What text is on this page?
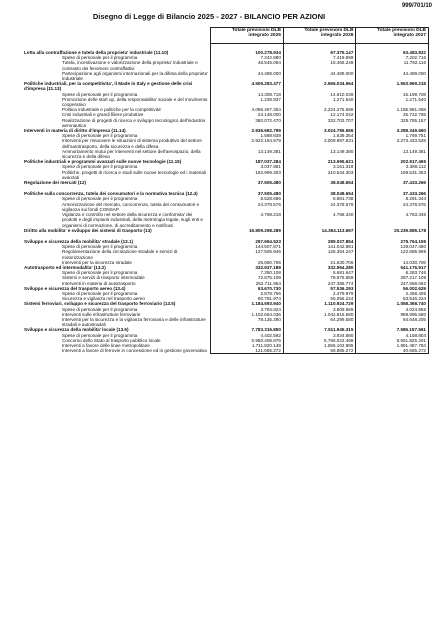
999/701/10
Disegno di Legge di Bilancio 2025 - 2027 - BILANCIO PER AZIONI
	Totale previsioni DLB integrato 2025	Totale previsioni DLB integrato 2026	Totale previsioni DLB integrato 2027

Lotta alla contraffazione e tutela della proprieta' industriale (11.10)	100.278.934	67.375.147	63.483.832
Spese di personale per il programma	7.242.880	7.419.899	7.202.716
Tutela, incentivazione e valorizzazione della proprieta' industriale e contrasto dei fenomeni contraffattivi	48.545.054	15.465.248	11.792.116
Partecipazione agli organismi internazionali per la difesa della proprieta' industriale	44.489.000	44.489.000	44.489.000
Politiche industriali, per la competitivita', il Made in Italy e gestione delle crisi d'impresa (11.13)	4.505.283.477	2.565.034.964	1.553.969.218
Spese di personale per il programma	14.308.718	14.610.039	15.199.708
Promozione delle start up, della responsabilita' sociale e del movimento cooperativo	1.238.937	1.271.540	1.271.540
Politica industriale e politiche per la competitivita'	4.086.467.354	2.224.275.588	1.185.991.058
Crisi industriali e grandi filiere produttive	23.148.000	12.174.042	25.722.755
Realizzazione di progetti di ricerca e sviluppo tecnologico dell'industria aeronautica	380.072.470	332.703.707	325.785.157
Interventi in materia di diritto d'impresa (11.14)	2.936.682.799	3.024.786.565	3.288.349.660
Spese di personale per il programma	1.588.839	1.639.354	1.769.751
Interventi per rimuovere le situazioni di sistema produttivo del settore dell'autotrasporto, della sicurezza e della difesa	2.922.164.579	3.009.997.831	3.273.433.528
Ammortamento mutui per interventi nel settore dell'aerospazio, della sicurezza e della difesa	13.149.381	13.149.380	13.149.381
Politiche industriali e programmi avanzati sulle nuove tecnologie (11.15)	187.037.284	213.695.621	202.917.465
Spese di personale per il programma	3.037.981	3.161.318	3.386.112
Politiche, progetti di ricerca e studi sulle nuove tecnologie ed i materiali avanzati	183.999.303	210.534.303	199.531.353
Regolazione dei mercati (12)	37.505.480	38.048.654	37.433.266

Politiche sulla concorrenza, tutela dei consumatori e la normativa tecnica (12.4)	37.505.480	38.048.654	37.433.266
Spese di personale per il programma	8.528.686	8.881.738	8.291.344
Armonizzazione del mercato, concorrenza, tutela dei consumatori e vigilanza sui fondi CONSAP	24.378.576	24.378.576	24.378.576
Vigilanza e controllo nel settore della sicurezza e conformita' dei prodotti e degli impianti industriali, della metrologia legale, sugli enti e organismi di normazione, di accreditamento e notificati	4.798.218	4.788.340	4.763.346
Diritto alla mobilita' e sviluppo dei sistemi di trasporto (13)	16.809.298.289	14.354.113.697	20.239.885.178

Sviluppo e sicurezza della mobilita' stradale (13.1)	297.694.523	289.027.854	275.764.155
Spese di personale per il programma	144.507.871	141.042.981	139.047.480
Regolamentazione della circolazione stradale e servizi di motorizzazione	127.505.946	126.354.247	122.685.969
Interventi per la sicurezza stradale	25.680.706	21.630.706	14.030.706
Autotrasporto ed intermodalita' (13.2)	332.937.189	332.964.280	541.176.917
Spese di personale per il programma	7.350.108	6.681.647	6.283.746
Sistemi e servizi di trasporto intermodale	72.875.109	78.875.859	287.217.109
Interventi in materia di autotrasporto	252.711.954	247.385.774	247.658.062
Sviluppo e sicurezza del trasporto aereo (13.4)	63.670.730	57.536.293	56.002.629
Spese di personale per il programma	2.878.756	2.479.979	2.458.405
Sicurezza e vigilanza nel trasporto aereo	60.791.974	55.056.224	53.546.224
Sistemi ferroviari, sviluppo e sicurezza del trasporto ferroviario (13.5)	1.184.593.940	1.110.924.729	1.058.368.740
Spese di personale per il programma	3.794.824	3.809.569	4.024.955
Interventi sulle infrastrutture ferroviarie	1.102.664.036	1.042.815.580	989.895.580
Interventi per la sicurezza e la vigilanza ferroviaria e delle infrastrutture stradali e autostradali	78.135.280	64.299.580	64.648.205
Sviluppo e sicurezza della mobilita' locale (13.6)	7.783.316.850	7.511.945.315	7.586.157.561
Spese di personale per il programma	4.402.592	3.934.880	4.158.804
Concorso dello Stato al trasporto pubblico locale	5.950.408.876	5.796.022.498	5.651.825.201
Interventi a favore delle linee metropolitane	1.711.820.148	1.655.102.895	1.891.487.784
Interventi a favore di ferrovie in concessione ed in gestione governativa	121.685.272	56.885.272	40.685.272
